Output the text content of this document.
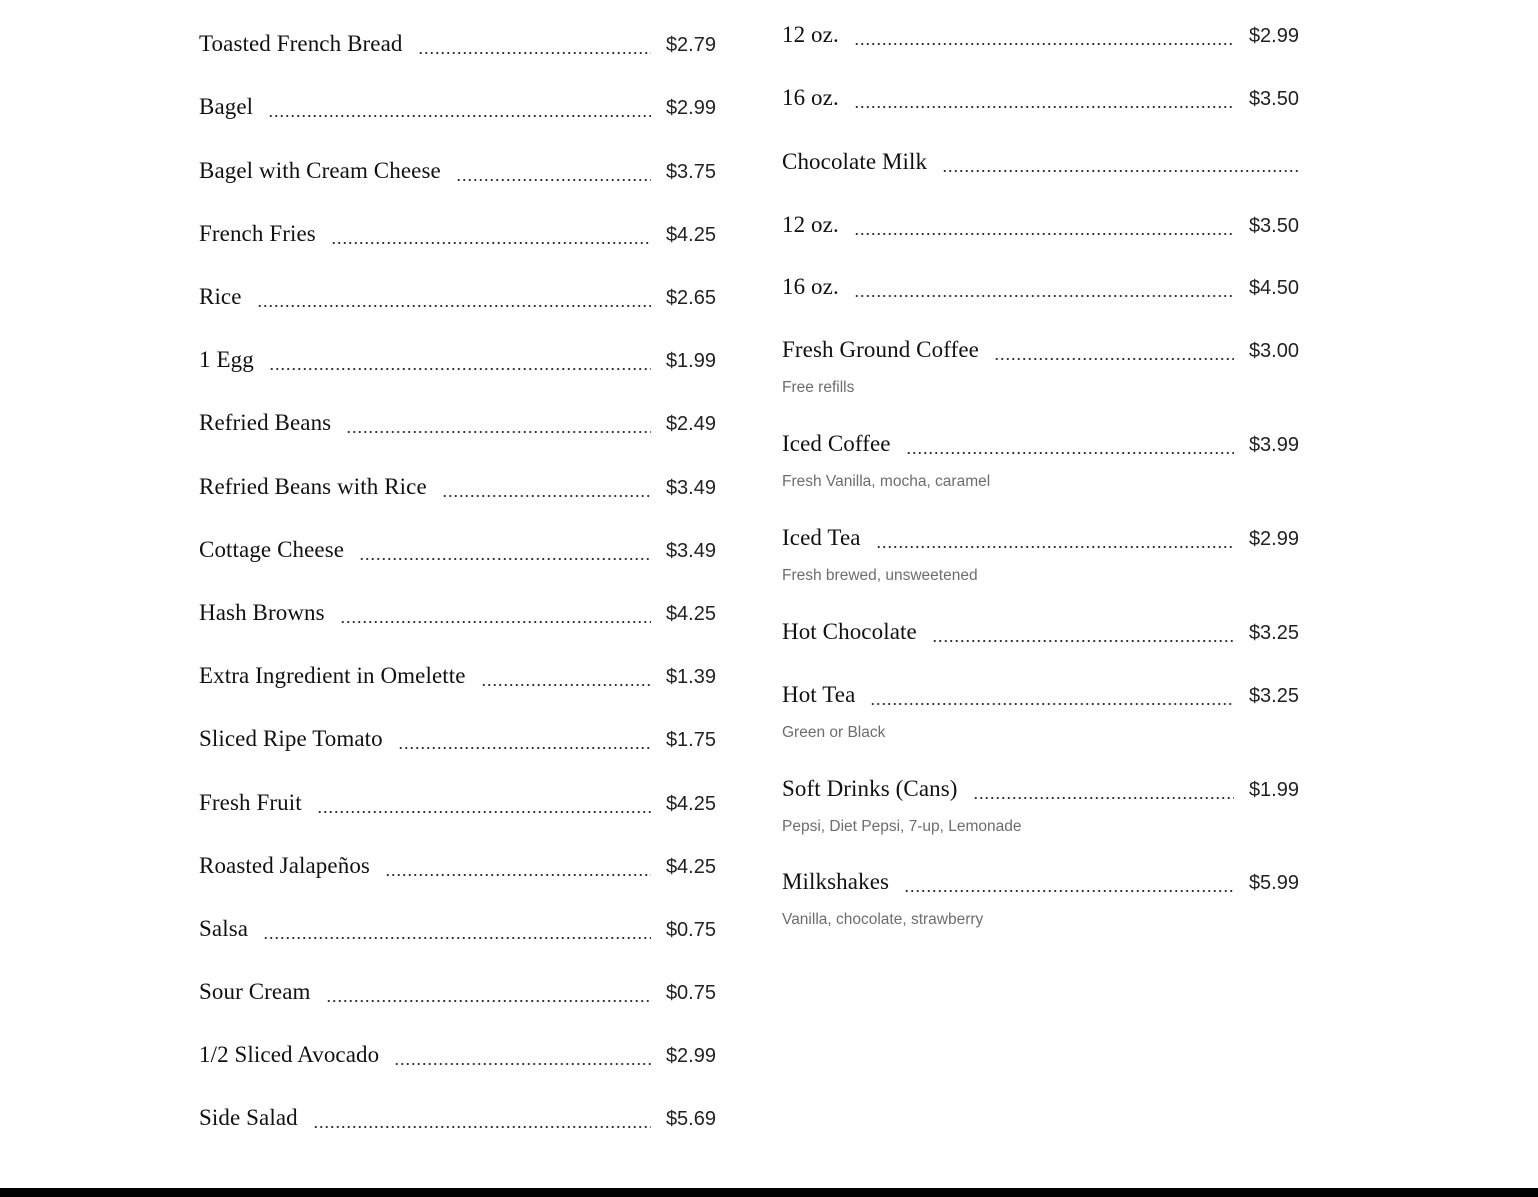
Toasted French Bread	$2.79
Bagel	$2.99
Bagel with Cream Cheese	$3.75
French Fries	$4.25
Rice	$2.65
1 Egg	$1.99
Refried Beans	$2.49
Refried Beans with Rice	$3.49
Cottage Cheese	$3.49
Hash Browns	$4.25
Extra Ingredient in Omelette	$1.39
Sliced Ripe Tomato	$1.75
Fresh Fruit	$4.25
Roasted Jalapeños	$4.25
Salsa	$0.75
Sour Cream	$0.75
1/2 Sliced Avocado	$2.99
Side Salad	$5.69
12 oz.	$2.99
16 oz.	$3.50
Chocolate Milk
12 oz.	$3.50
16 oz.	$4.50
Fresh Ground Coffee	$3.00
Free refills
Iced Coffee	$3.99
Fresh Vanilla, mocha, caramel
Iced Tea	$2.99
Fresh brewed, unsweetened
Hot Chocolate	$3.25
Hot Tea	$3.25
Green or Black
Soft Drinks (Cans)	$1.99
Pepsi, Diet Pepsi, 7-up, Lemonade
Milkshakes	$5.99
Vanilla, chocolate, strawberry
